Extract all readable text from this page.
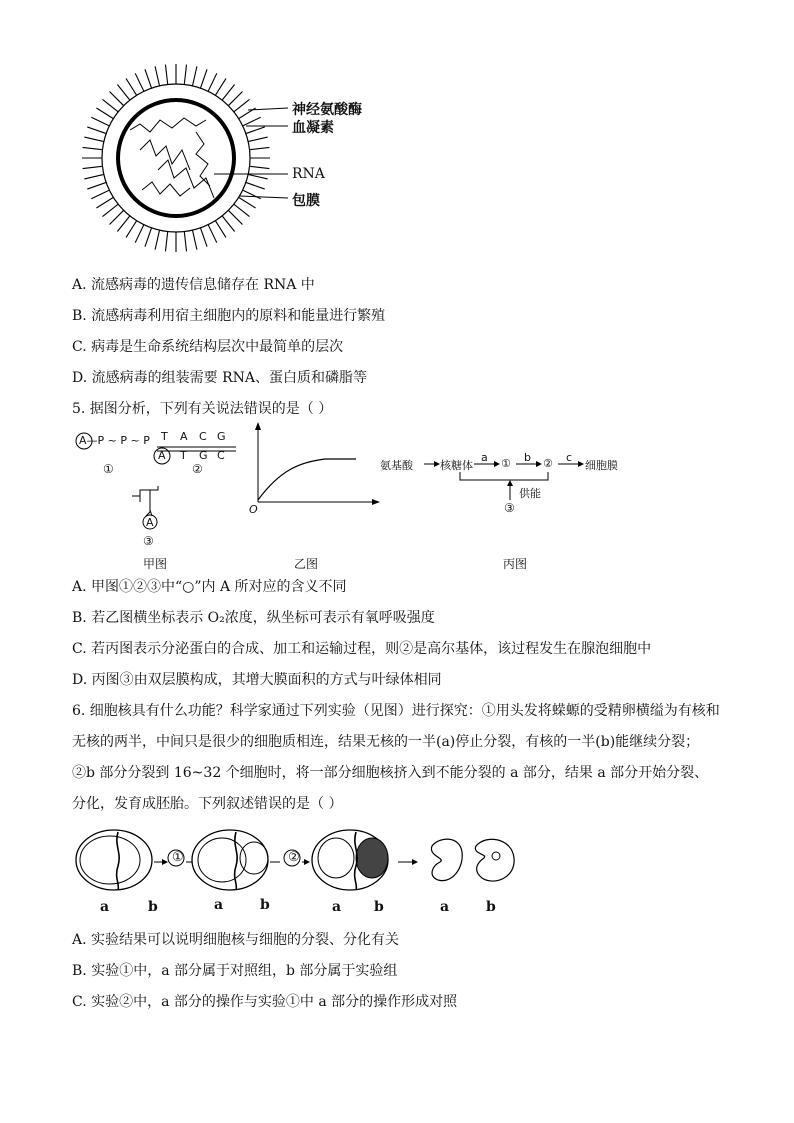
神经氨酸酶
血凝素
RNA
包膜
A. 流感病毒的遗传信息储存在 RNA 中
B. 流感病毒利用宿主细胞内的原料和能量进行繁殖
C. 病毒是生命系统结构层次中最简单的层次
D. 流感病毒的组装需要 RNA、蛋白质和磷脂等
5. 据图分析，下列有关说法错误的是（ ）
A—P ~ P ~ P T A C G
A T G C
A
①	②
③
甲图
O
乙图
氨基酸 核糖体	①	②	细胞膜
a	b	c
供能
③
丙图
A. 甲图①②③中“○”内 A 所对应的含义不同
B. 若乙图横坐标表示 O₂浓度，纵坐标可表示有氧呼吸强度
C. 若丙图表示分泌蛋白的合成、加工和运输过程，则②是高尔基体，该过程发生在腺泡细胞中
D. 丙图③由双层膜构成，其增大膜面积的方式与叶绿体相同
6. 细胞核具有什么功能？科学家通过下列实验（见图）进行探究：①用头发将蝾螈的受精卵横缢为有核和无核的两半，中间只是很少的细胞质相连，结果无核的一半(a)停止分裂，有核的一半(b)能继续分裂；②b 部分分裂到 16~32 个细胞时，将一部分细胞核挤入到不能分裂的 a 部分，结果 a 部分开始分裂、分化，发育成胚胎。下列叙述错误的是（ ）
①	②
a	b	a	b	a b	a	b
A. 实验结果可以说明细胞核与细胞的分裂、分化有关
B. 实验①中，a 部分属于对照组，b 部分属于实验组
C. 实验②中，a 部分的操作与实验①中 a 部分的操作形成对照
